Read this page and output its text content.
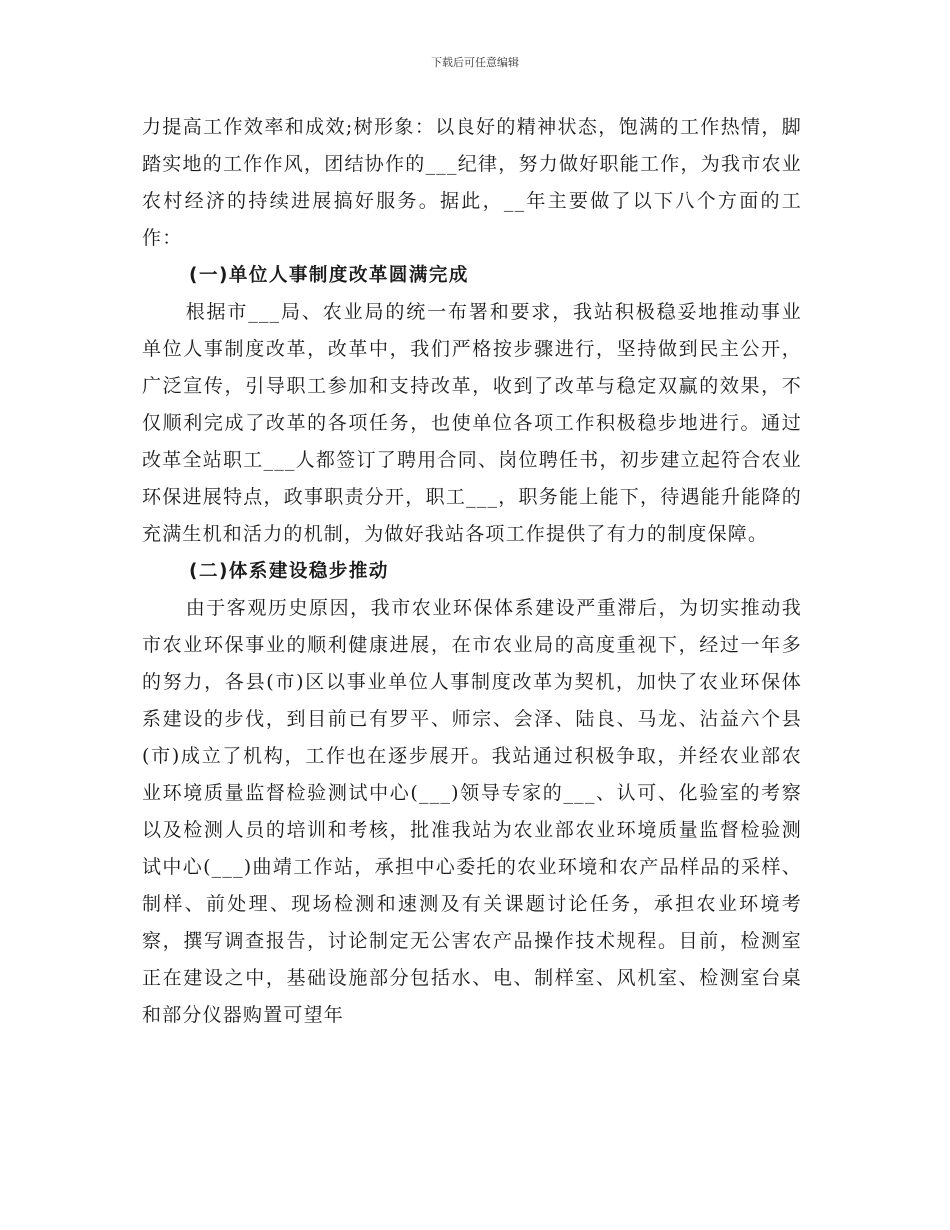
下载后可任意编辑

力提高工作效率和成效;树形象：以良好的精神状态，饱满的工作热情，脚踏实地的工作作风，团结协作的___纪律，努力做好职能工作，为我市农业农村经济的持续进展搞好服务。据此，__年主要做了以下八个方面的工作：

(一)单位人事制度改革圆满完成

根据市___局、农业局的统一布署和要求，我站积极稳妥地推动事业单位人事制度改革，改革中，我们严格按步骤进行，坚持做到民主公开，广泛宣传，引导职工参加和支持改革，收到了改革与稳定双赢的效果，不仅顺利完成了改革的各项任务，也使单位各项工作积极稳步地进行。通过改革全站职工___人都签订了聘用合同、岗位聘任书，初步建立起符合农业环保进展特点，政事职责分开，职工___，职务能上能下，待遇能升能降的充满生机和活力的机制，为做好我站各项工作提供了有力的制度保障。

(二)体系建设稳步推动

由于客观历史原因，我市农业环保体系建设严重滞后，为切实推动我市农业环保事业的顺利健康进展，在市农业局的高度重视下，经过一年多的努力，各县(市)区以事业单位人事制度改革为契机，加快了农业环保体系建设的步伐，到目前已有罗平、师宗、会泽、陆良、马龙、沾益六个县(市)成立了机构，工作也在逐步展开。我站通过积极争取，并经农业部农业环境质量监督检验测试中心(___)领导专家的___、认可、化验室的考察以及检测人员的培训和考核，批准我站为农业部农业环境质量监督检验测试中心(___)曲靖工作站，承担中心委托的农业环境和农产品样品的采样、制样、前处理、现场检测和速测及有关课题讨论任务，承担农业环境考察，撰写调查报告，讨论制定无公害农产品操作技术规程。目前，检测室正在建设之中，基础设施部分包括水、电、制样室、风机室、检测室台桌和部分仪器购置可望年
